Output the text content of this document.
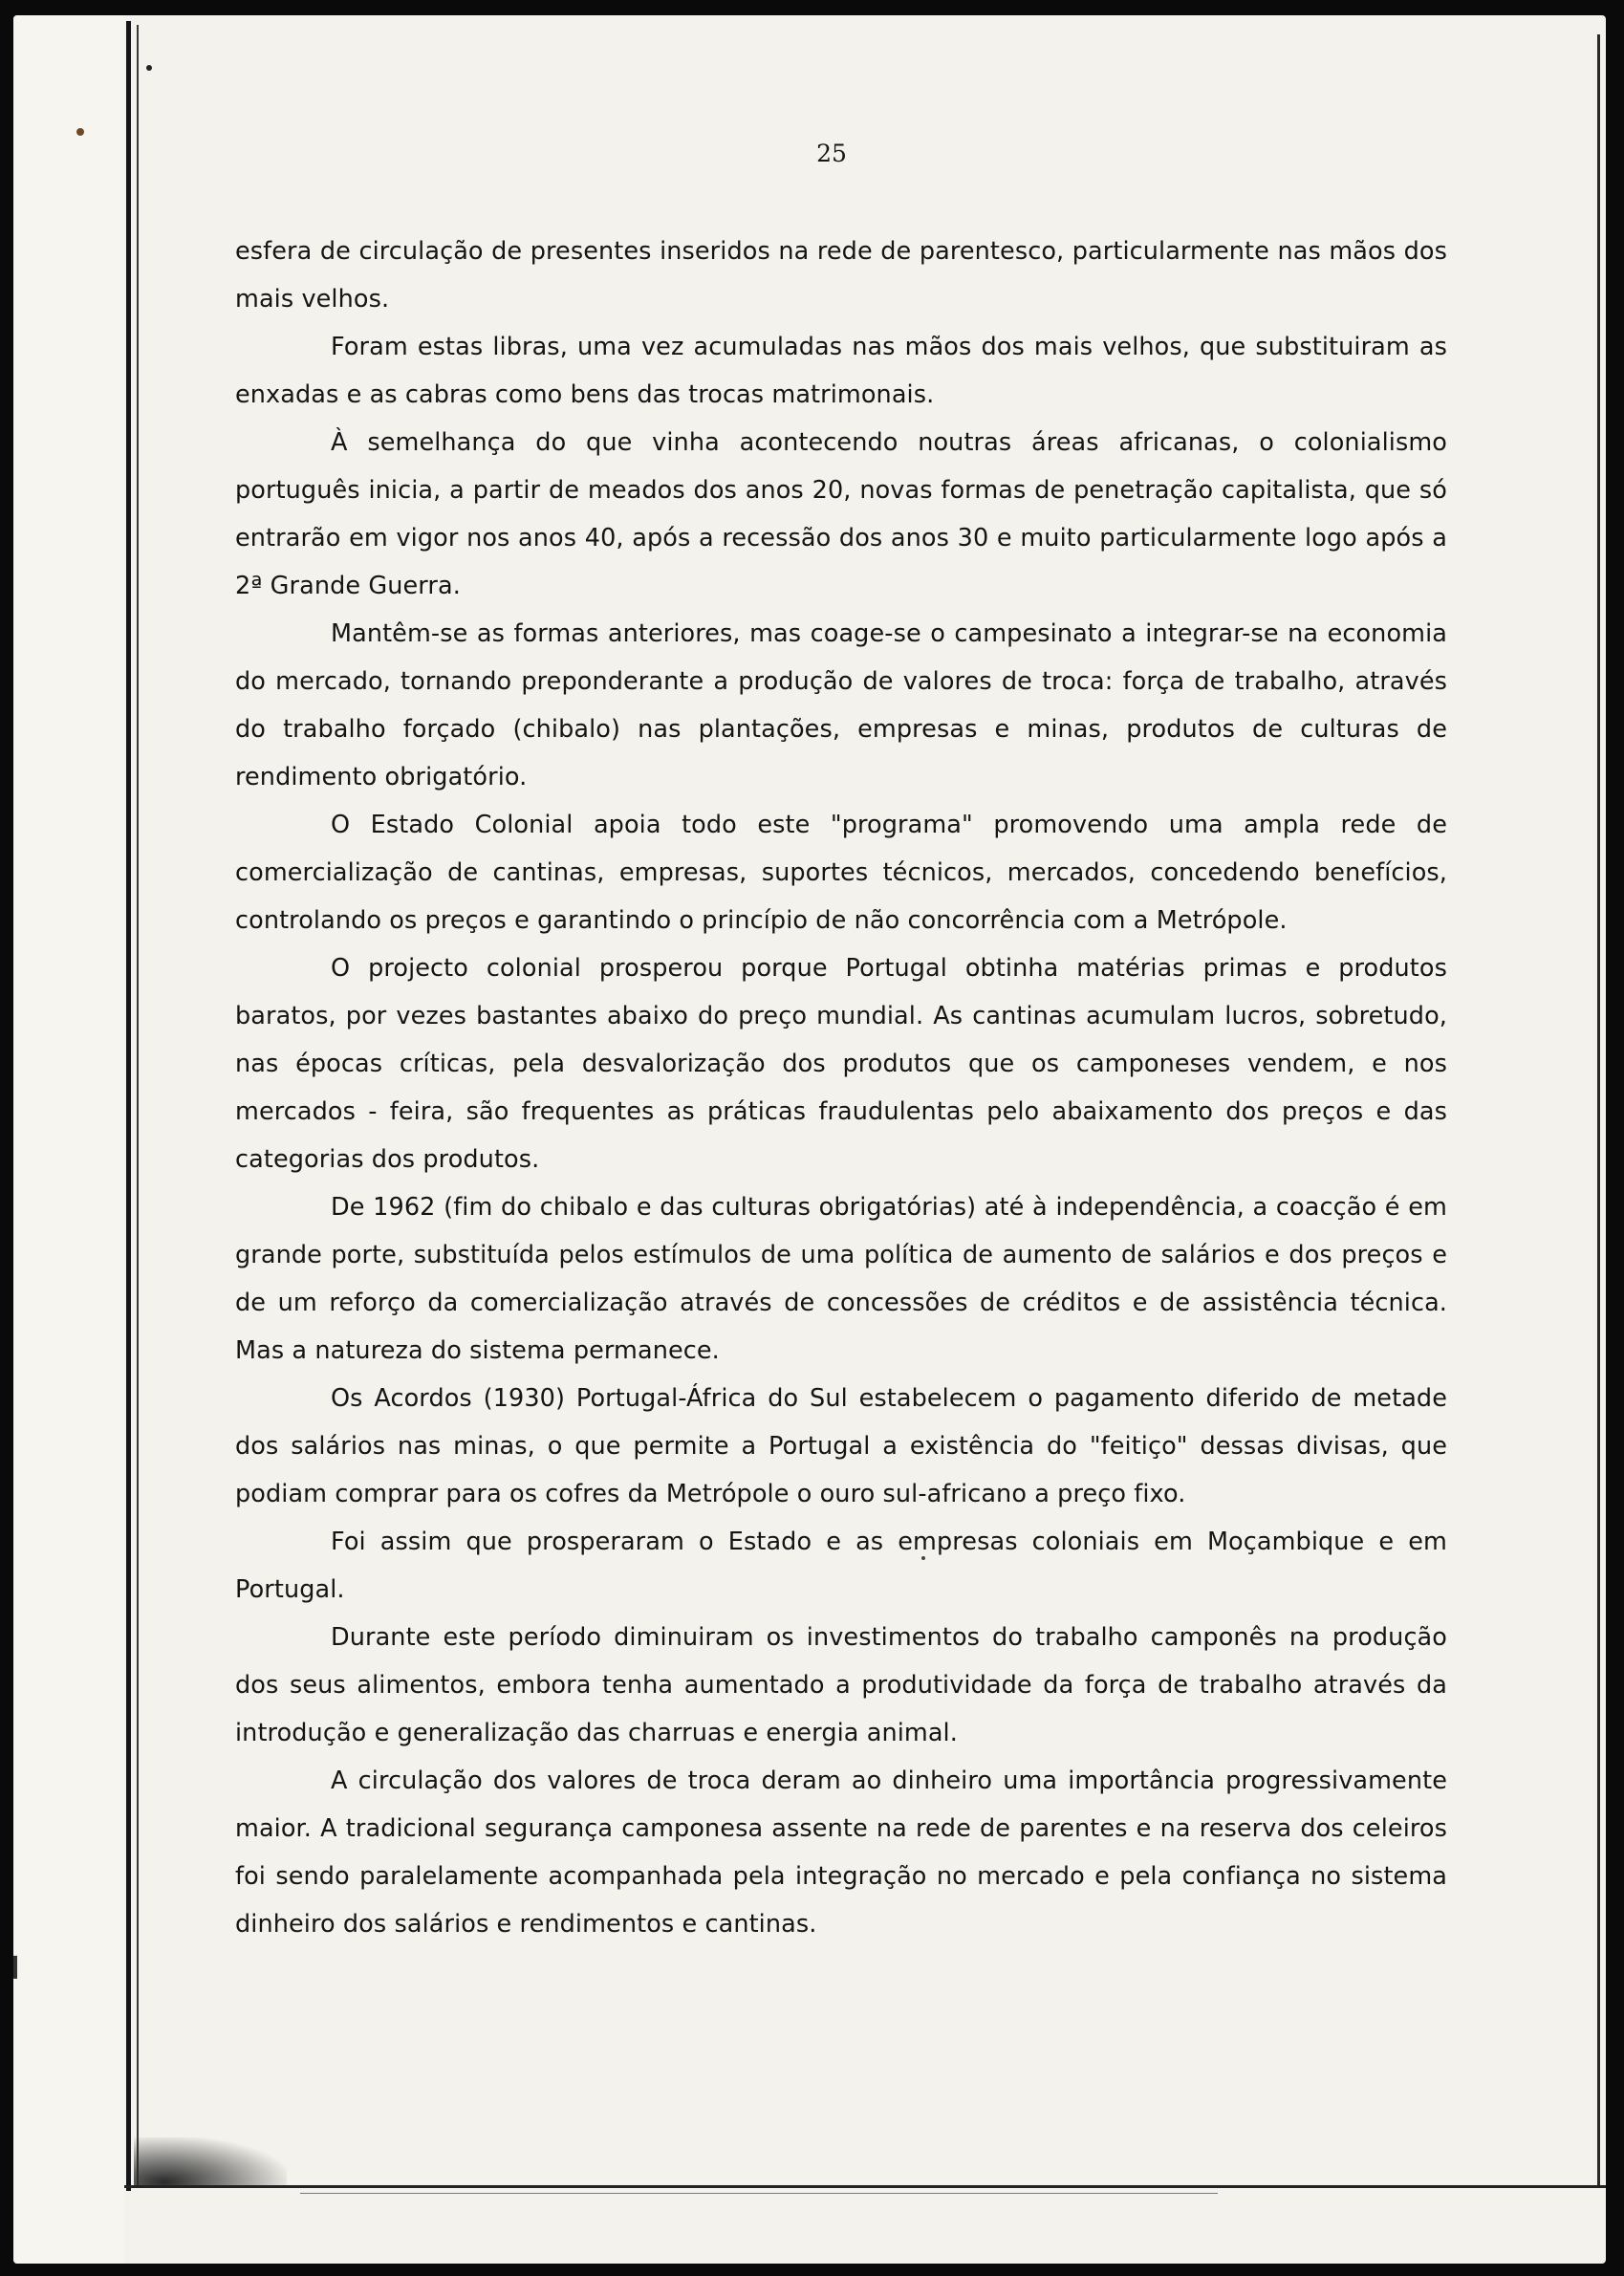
25

esfera de circulação de presentes inseridos na rede de parentesco, particularmente nas mãos dos mais velhos.

Foram estas libras, uma vez acumuladas nas mãos dos mais velhos, que substituiram as enxadas e as cabras como bens das trocas matrimonais.

À semelhança do que vinha acontecendo noutras áreas africanas, o colonialismo português inicia, a partir de meados dos anos 20, novas formas de penetração capitalista, que só entrarão em vigor nos anos 40, após a recessão dos anos 30 e muito particularmente logo após a 2ª Grande Guerra.

Mantêm-se as formas anteriores, mas coage-se o campesinato a integrar-se na economia do mercado, tornando preponderante a produção de valores de troca: força de trabalho, através do trabalho forçado (chibalo) nas plantações, empresas e minas, produtos de culturas de rendimento obrigatório.

O Estado Colonial apoia todo este "programa" promovendo uma ampla rede de comercialização de cantinas, empresas, suportes técnicos, mercados, concedendo benefícios, controlando os preços e garantindo o princípio de não concorrência com a Metrópole.

O projecto colonial prosperou porque Portugal obtinha matérias primas e produtos baratos, por vezes bastantes abaixo do preço mundial. As cantinas acumulam lucros, sobretudo, nas épocas críticas, pela desvalorização dos produtos que os camponeses vendem, e nos mercados - feira, são frequentes as práticas fraudulentas pelo abaixamento dos preços e das categorias dos produtos.

De 1962 (fim do chibalo e das culturas obrigatórias) até à independência, a coacção é em grande porte, substituída pelos estímulos de uma política de aumento de salários e dos preços e de um reforço da comercialização através de concessões de créditos e de assistência técnica. Mas a natureza do sistema permanece.

Os Acordos (1930) Portugal-África do Sul estabelecem o pagamento diferido de metade dos salários nas minas, o que permite a Portugal a existência do "feitiço" dessas divisas, que podiam comprar para os cofres da Metrópole o ouro sul-africano a preço fixo.

Foi assim que prosperaram o Estado e as empresas coloniais em Moçambique e em Portugal.

Durante este período diminuiram os investimentos do trabalho camponês na produção dos seus alimentos, embora tenha aumentado a produtividade da força de trabalho através da introdução e generalização das charruas e energia animal.

A circulação dos valores de troca deram ao dinheiro uma importância progressivamente maior. A tradicional segurança camponesa assente na rede de parentes e na reserva dos celeiros foi sendo paralelamente acompanhada pela integração no mercado e pela confiança no sistema dinheiro dos salários e rendimentos e cantinas.
